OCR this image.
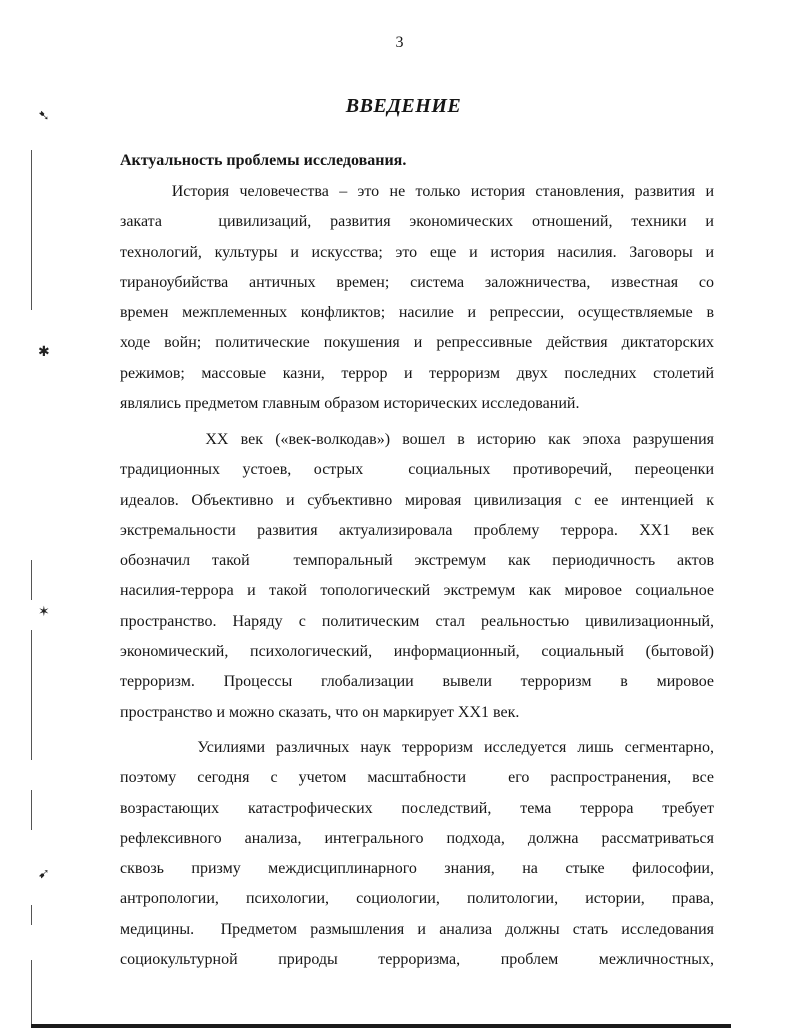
3
ВВЕДЕНИЕ
Актуальность проблемы исследования.
История человечества – это не только история становления, развития и
заката   цивилизаций, развития экономических отношений, техники и
технологий, культуры и искусства; это еще и история насилия. Заговоры и
тираноубийства античных времен; система заложничества, известная со
времен межплеменных конфликтов; насилие и репрессии, осуществляемые в
ходе войн; политические покушения и репрессивные действия диктаторских
режимов; массовые казни, террор и терроризм двух последних столетий
являлись предметом главным образом исторических исследований.
XX век («век-волкодав») вошел в историю как эпоха разрушения
традиционных устоев, острых  социальных противоречий, переоценки
идеалов. Объективно и субъективно мировая цивилизация с ее интенцией к
экстремальности развития актуализировала проблему террора. XX1 век
обозначил такой  темпоральный экстремум как периодичность актов
насилия-террора и такой топологический экстремум как мировое социальное
пространство. Наряду с политическим стал реальностью цивилизационный,
экономический, психологический, информационный, социальный (бытовой)
терроризм.  Процессы  глобализации  вывели  терроризм  в  мировое
пространство и можно сказать, что он маркирует XX1 век.
Усилиями различных наук терроризм исследуется лишь сегментарно,
поэтому сегодня с учетом масштабности  его распространения, все
возрастающих катастрофических последствий, тема террора требует
рефлексивного анализа, интегрального подхода, должна рассматриваться
сквозь призму междисциплинарного знания, на стыке философии,
антропологии, психологии, социологии, политологии, истории, права,
медицины.  Предметом размышления и анализа должны стать исследования
социокультурной  природы  терроризма,  проблем  межличностных,
➷
✱
✶
➹
